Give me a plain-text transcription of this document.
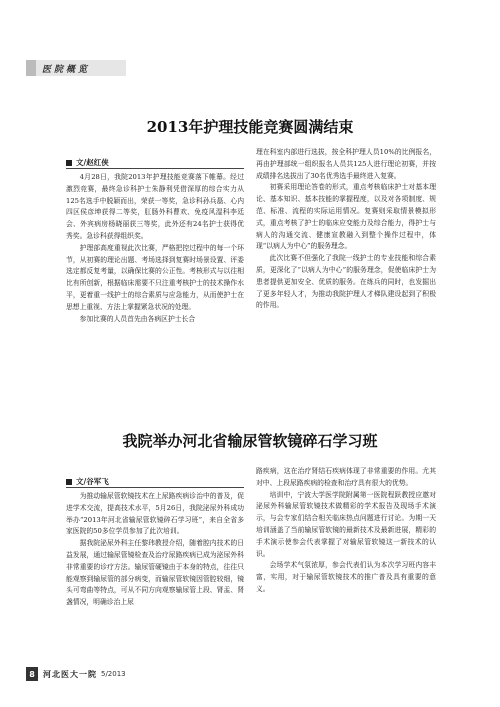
医院概览
2013年护理技能竞赛圆满结束
文/赵红侠

4月28日，我院2013年护理技能竞赛落下帷幕。经过激烈竞赛，最终急诊科护士朱静利凭借深厚的综合实力从125名选手中脱颖而出，荣获一等奖，急诊科孙兵磊、心内四区侯彦坤获得二等奖，肛肠外科曹欢、免疫风湿科李廷会、外宾病房杨晓丽获三等奖，此外还有24名护士获得优秀奖。急诊科获得组织奖。

护理部高度重视此次比赛，严格把控过程中的每一个环节，从初赛的理论出题、考场选择到复赛时场景设置、评委选定都反复考量，以确保比赛的公正性。考核形式与以往相比有所创新，根据临床需要不只注重考核护士的技术操作水平，更着重一线护士的综合素质与应急能力，从而使护士在思想上重视、方法上掌握紧急状况的处理。

参加比赛的人员首先由各病区护士长合

理在科室内部进行选拔，按全科护理人员10%的比例报名，再由护理部统一组织报名人员共125人进行理论初赛，并按成绩排名选拔出了30名优秀选手最终进入复赛。

初赛采用理论答卷的形式，重点考核临床护士对基本理论、基本知识、基本技能的掌握程度，以及对各项制度、规范、标准、流程的实际运用情况。复赛则采取情景模拟形式，重点考核了护士的临床应变能力及综合能力，得护士与病人的沟通交流、健康宣教融入到整个操作过程中，体现“以病人为中心”的服务理念。

此次比赛不但强化了我院一线护士的专业技能和综合素质，更深化了“以病人为中心”的服务理念，促使临床护士为患者提供更加安全、优质的服务。在练兵的同时，也发掘出了更多年轻人才，为推动我院护理人才梯队建设起到了积极的作用。

我院举办河北省输尿管软镜碎石学习班
文/谷军飞

为推动输尿管软镜技术在上尿路疾病诊治中的普及，促进学术交流，提高技术水平，5月26日，我院泌尿外科成功举办“2013年河北省输尿管软镜碎石学习班”，来自全省多家医院的50多位学员参加了此次培训。

据我院泌尿外科主任黎玮教授介绍，随着腔内技术的日益发展，通过输尿管镜检查及治疗尿路疾病已成为泌尿外科非常重要的诊疗方法。输尿管硬镜由于本身的特点，往往只能观察到输尿管的部分病变，而输尿管软镜因管腔较细，镜头可弯曲等特点，可从不同方向观察输尿管上段、肾盂、肾盏情况，明确诊治上尿

路疾病，这在治疗肾结石疾病体现了非常重要的作用。尤其对中、上段尿路疾病的检查和治疗具有很大的优势。

培训中，宁波大学医学院附属第一医院程跃教授应邀对泌尿外科输尿管软镜技术做精彩的学术报告及现场手术演示，与会专家们结合相关临床热点问题进行讨论。为期一天培训涵盖了当前输尿管软镜的最新技术及最新进展，精彩的手术演示使参会代表掌握了对输尿管软镜这一新技术的认识。

会场学术气氛浓厚，参会代表们认为本次学习班内容丰富，实用，对于输尿管软镜技术的推广普及具有重要的意义。

8	河北医大一院 5/2013
